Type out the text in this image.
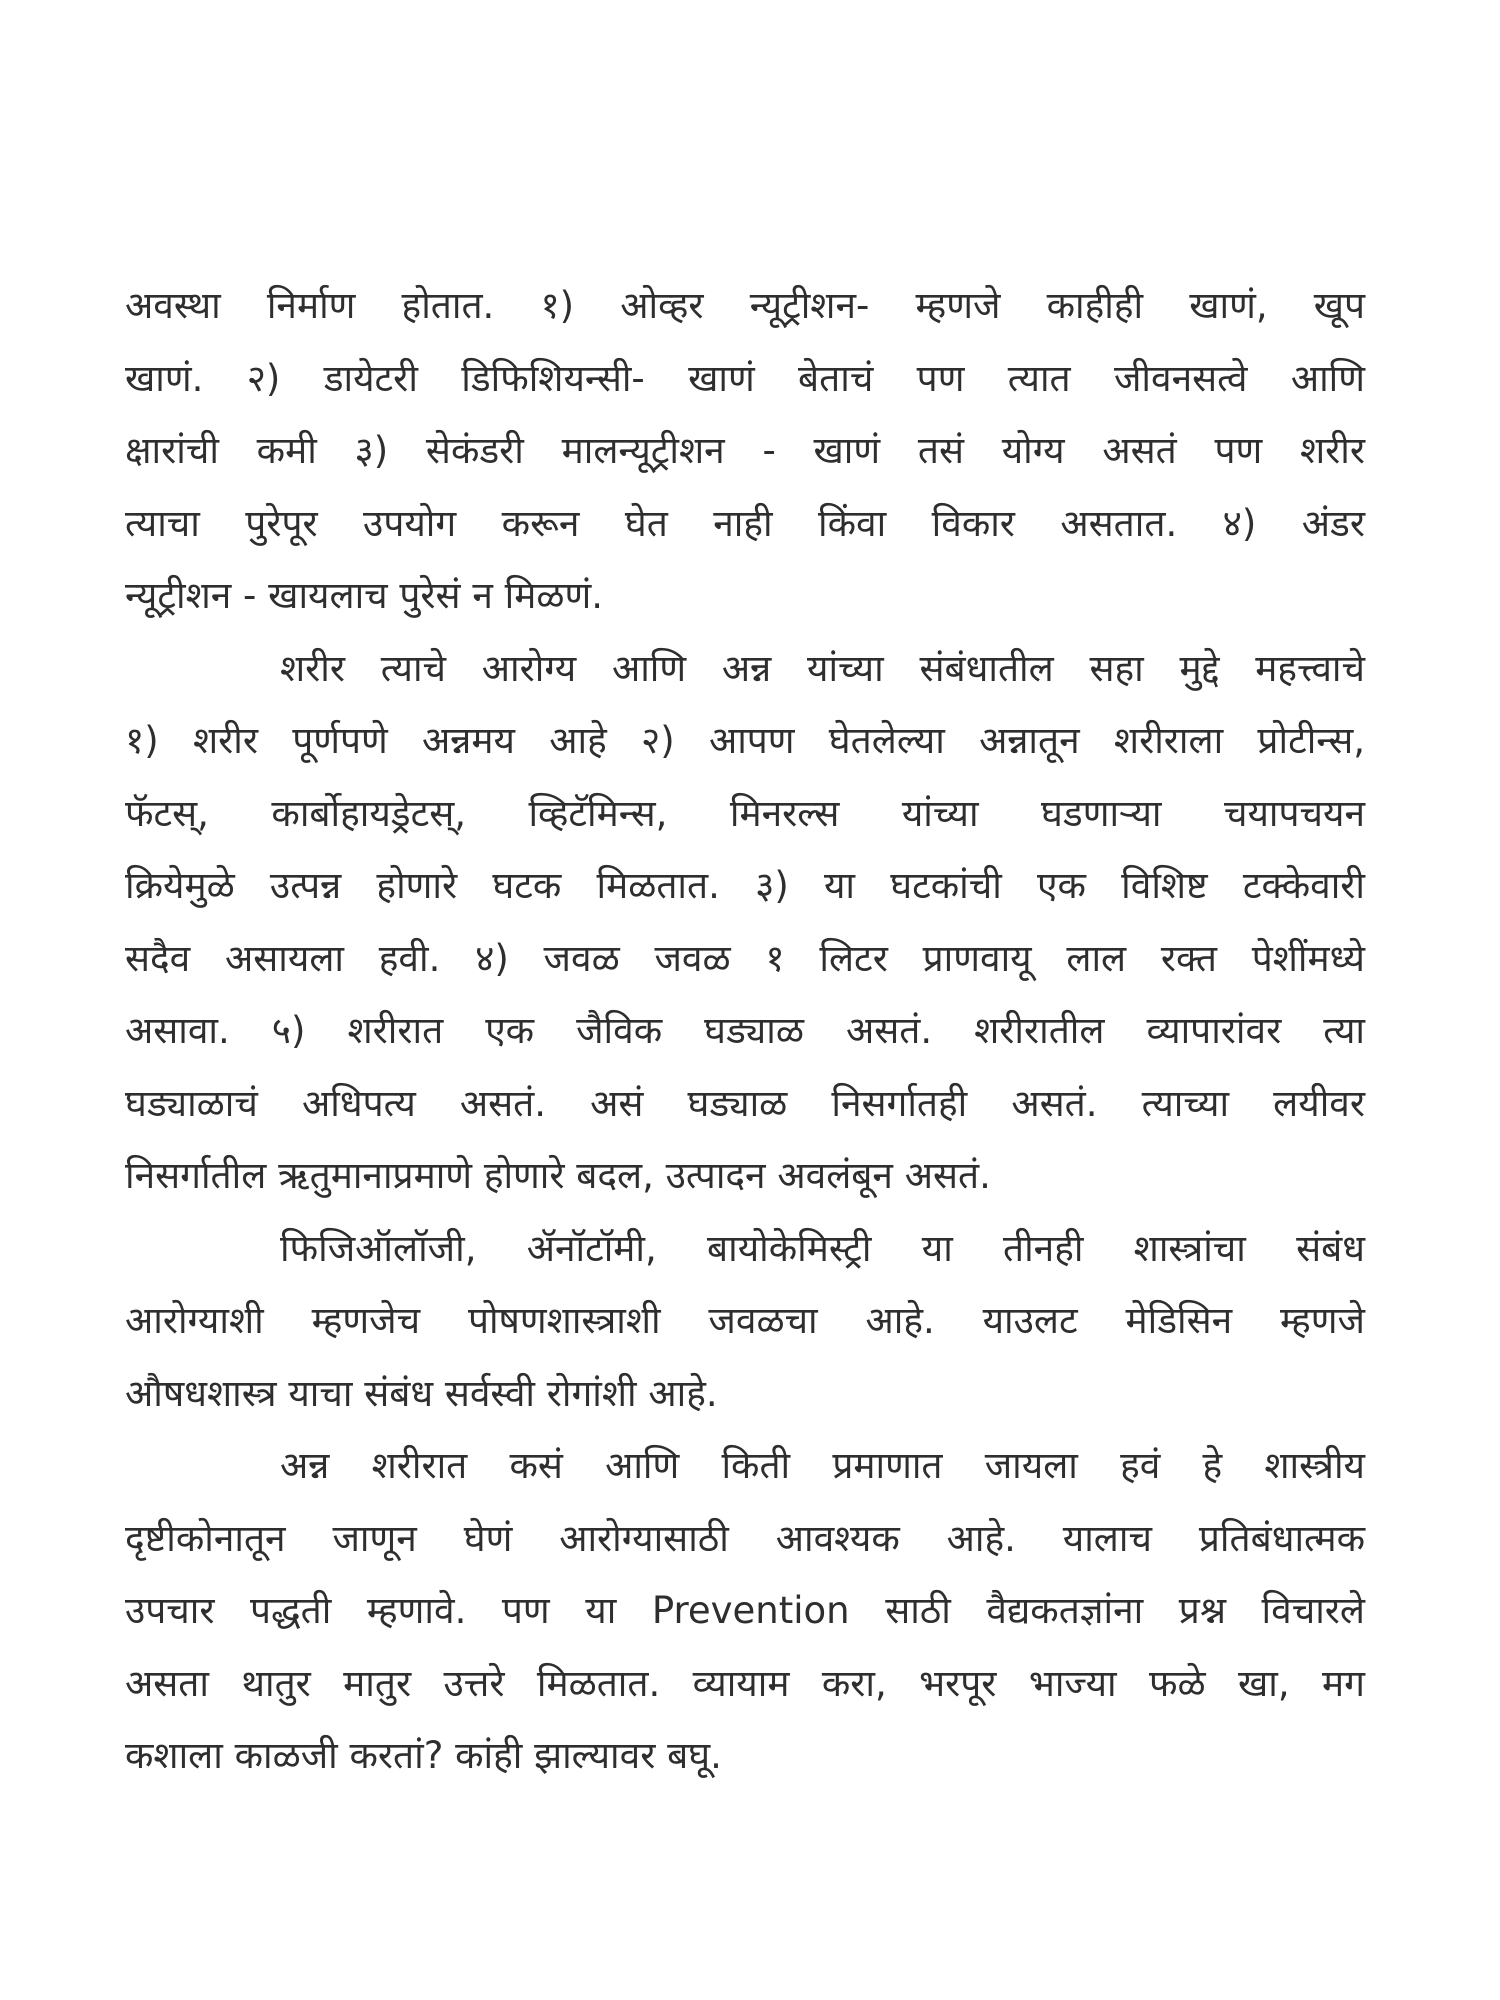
अवस्था निर्माण होतात. १) ओव्हर न्यूट्रीशन- म्हणजे काहीही खाणं, खूप
खाणं. २) डायेटरी डिफिशियन्सी- खाणं बेताचं पण त्यात जीवनसत्वे आणि
क्षारांची कमी ३) सेकंडरी मालन्यूट्रीशन - खाणं तसं योग्य असतं पण शरीर
त्याचा पुरेपूर उपयोग करून घेत नाही किंवा विकार असतात. ४) अंडर
न्यूट्रीशन - खायलाच पुरेसं न मिळणं.
शरीर त्याचे आरोग्य आणि अन्न यांच्या संबंधातील सहा मुद्दे महत्त्वाचे
१) शरीर पूर्णपणे अन्नमय आहे २) आपण घेतलेल्या अन्नातून शरीराला प्रोटीन्स,
फॅटस्, कार्बोहायड्रेटस्, व्हिटॅमिन्स, मिनरल्स यांच्या घडणाऱ्या चयापचयन
क्रियेमुळे उत्पन्न होणारे घटक मिळतात. ३) या घटकांची एक विशिष्ट टक्केवारी
सदैव असायला हवी. ४) जवळ जवळ १ लिटर प्राणवायू लाल रक्त पेशींमध्ये
असावा. ५) शरीरात एक जैविक घड्याळ असतं. शरीरातील व्यापारांवर त्या
घड्याळाचं अधिपत्य असतं. असं घड्याळ निसर्गातही असतं. त्याच्या लयीवर
निसर्गातील ऋतुमानाप्रमाणे होणारे बदल, उत्पादन अवलंबून असतं.
फिजिऑलॉजी, ॲनॉटॉमी, बायोकेमिस्ट्री या तीनही शास्त्रांचा संबंध
आरोग्याशी म्हणजेच पोषणशास्त्राशी जवळचा आहे. याउलट मेडिसिन म्हणजे
औषधशास्त्र याचा संबंध सर्वस्वी रोगांशी आहे.
अन्न शरीरात कसं आणि किती प्रमाणात जायला हवं हे शास्त्रीय
दृष्टीकोनातून जाणून घेणं आरोग्यासाठी आवश्यक आहे. यालाच प्रतिबंधात्मक
उपचार पद्धती म्हणावे. पण या Prevention साठी वैद्यकतज्ञांना प्रश्न विचारले
असता थातुर मातुर उत्तरे मिळतात. व्यायाम करा, भरपूर भाज्या फळे खा, मग
कशाला काळजी करतां? कांही झाल्यावर बघू.
